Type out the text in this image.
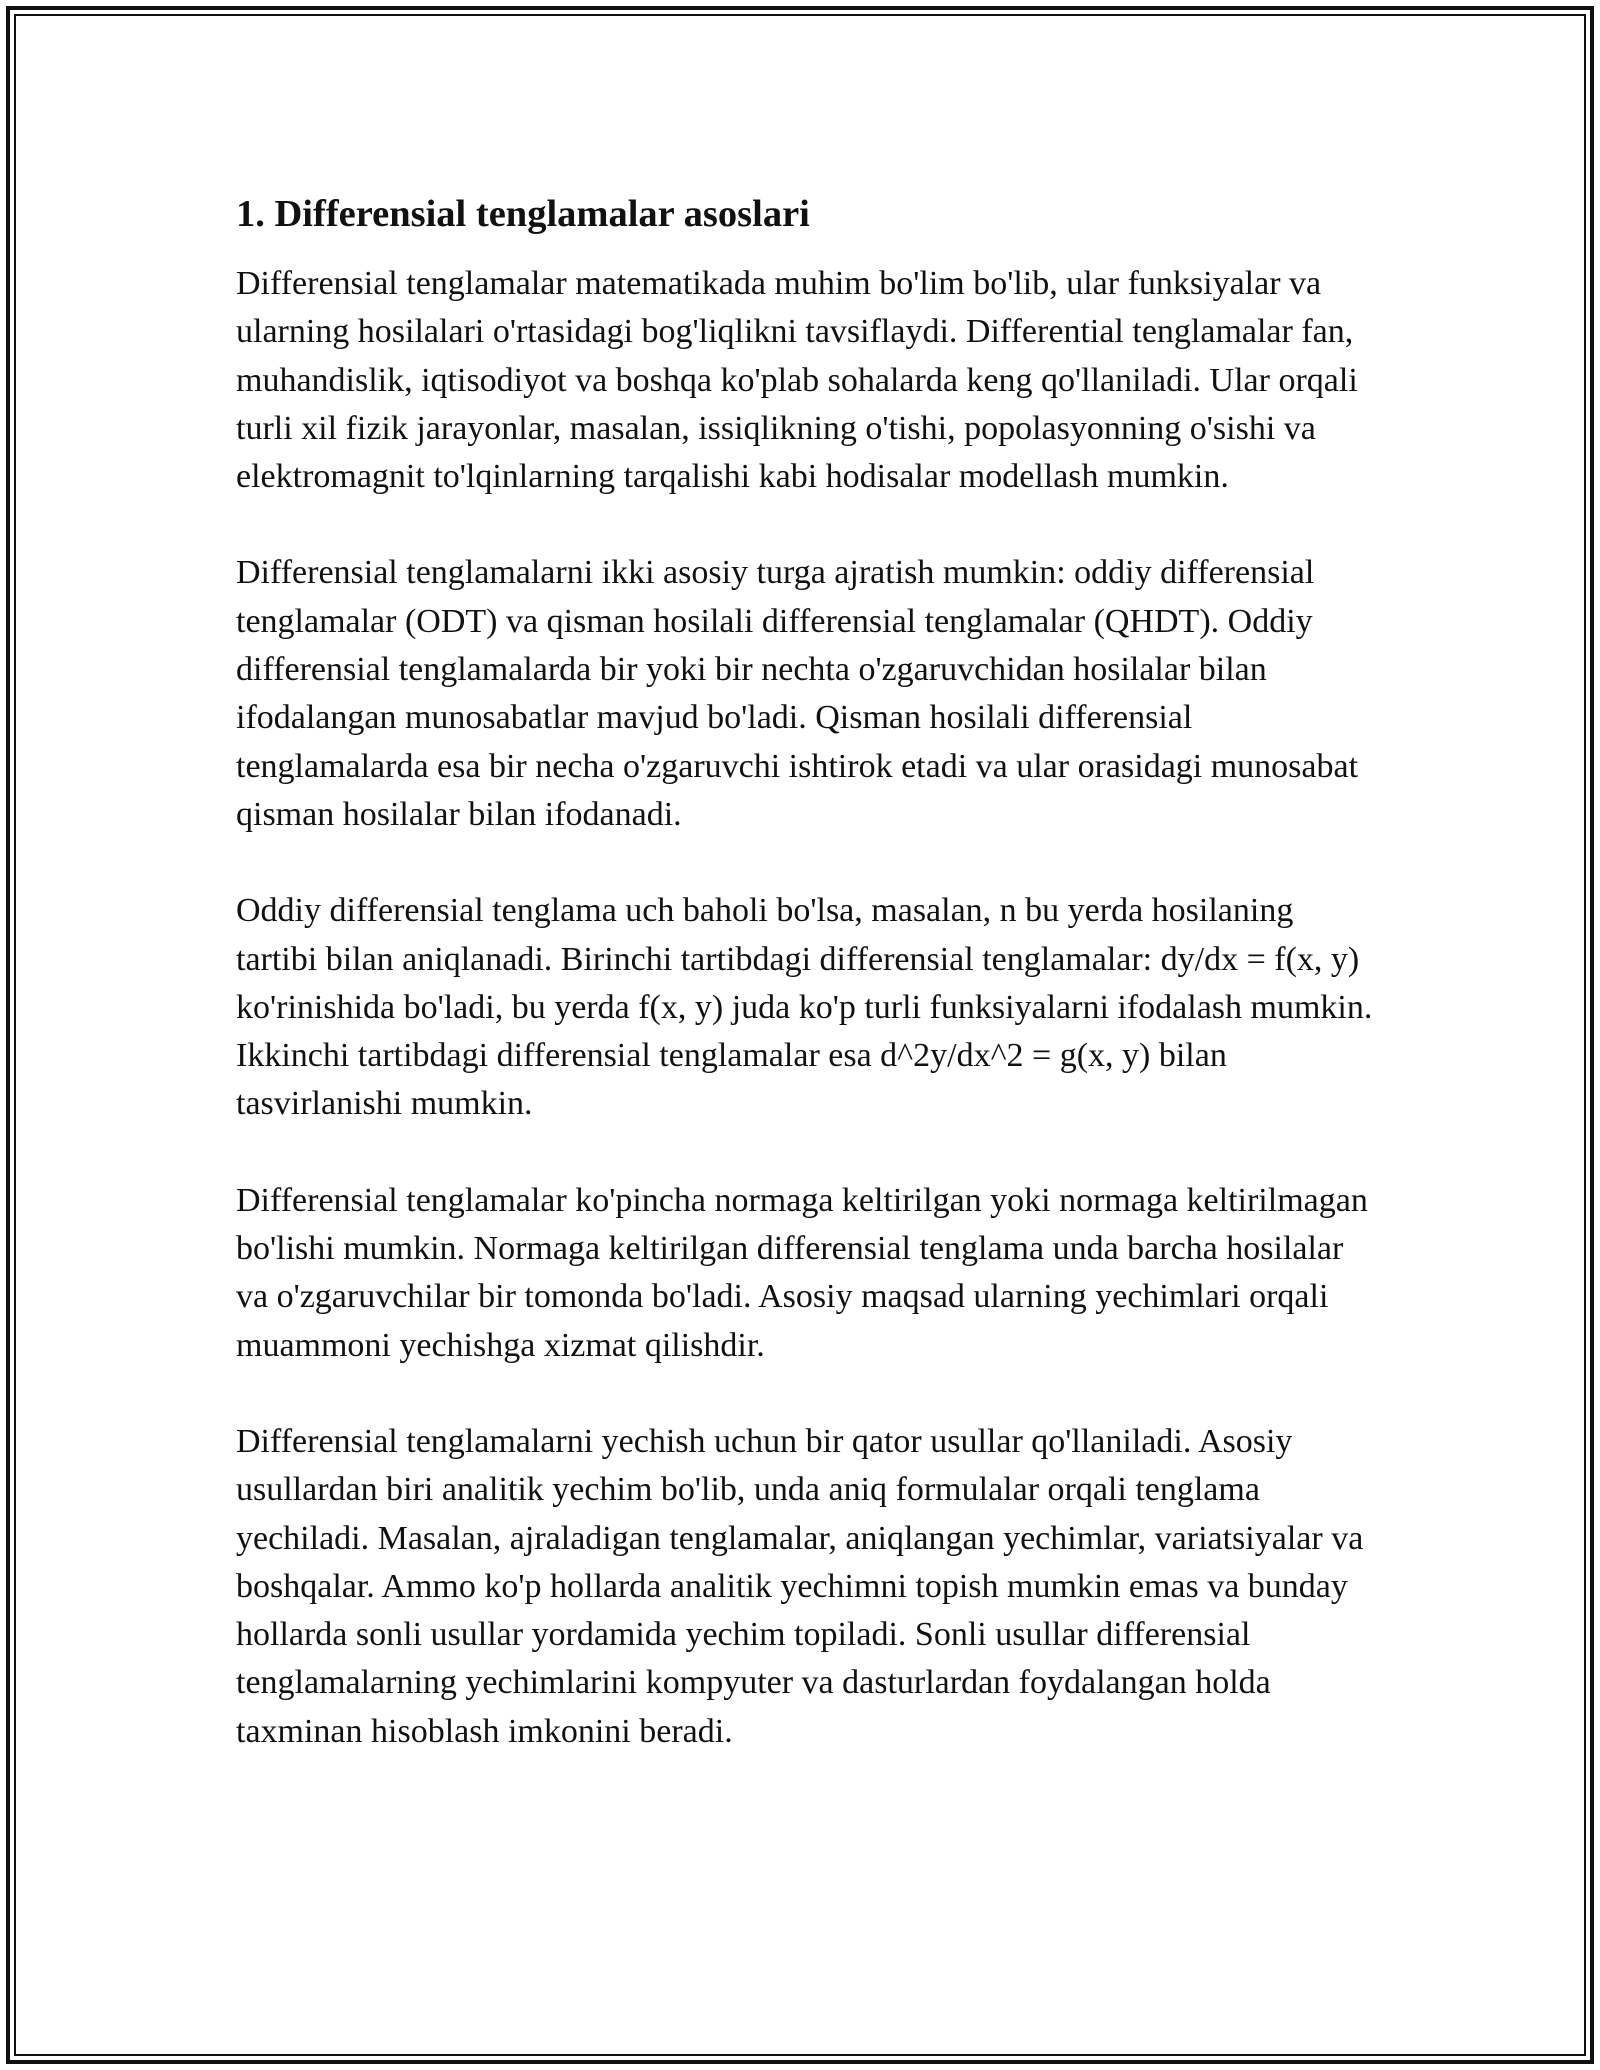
1. Differensial tenglamalar asoslari

Differensial tenglamalar matematikada muhim bo'lim bo'lib, ular funksiyalar va ularning hosilalari o'rtasidagi bog'liqlikni tavsiflaydi. Differential tenglamalar fan, muhandislik, iqtisodiyot va boshqa ko'plab sohalarda keng qo'llaniladi. Ular orqali turli xil fizik jarayonlar, masalan, issiqlikning o'tishi, popolasyonning o'sishi va elektromagnit to'lqinlarning tarqalishi kabi hodisalar modellash mumkin.

Differensial tenglamalarni ikki asosiy turga ajratish mumkin: oddiy differensial tenglamalar (ODT) va qisman hosilali differensial tenglamalar (QHDT). Oddiy differensial tenglamalarda bir yoki bir nechta o'zgaruvchidan hosilalar bilan ifodalangan munosabatlar mavjud bo'ladi. Qisman hosilali differensial tenglamalarda esa bir necha o'zgaruvchi ishtirok etadi va ular orasidagi munosabat qisman hosilalar bilan ifodanadi.

Oddiy differensial tenglama uch baholi bo'lsa, masalan, n bu yerda hosilaning tartibi bilan aniqlanadi. Birinchi tartibdagi differensial tenglamalar: dy/dx = f(x, y) ko'rinishida bo'ladi, bu yerda f(x, y) juda ko'p turli funksiyalarni ifodalash mumkin. Ikkinchi tartibdagi differensial tenglamalar esa d^2y/dx^2 = g(x, y) bilan tasvirlanishi mumkin.

Differensial tenglamalar ko'pincha normaga keltirilgan yoki normaga keltirilmagan bo'lishi mumkin. Normaga keltirilgan differensial tenglama unda barcha hosilalar va o'zgaruvchilar bir tomonda bo'ladi. Asosiy maqsad ularning yechimlari orqali muammoni yechishga xizmat qilishdir.

Differensial tenglamalarni yechish uchun bir qator usullar qo'llaniladi. Asosiy usullardan biri analitik yechim bo'lib, unda aniq formulalar orqali tenglama yechiladi. Masalan, ajraladigan tenglamalar, aniqlangan yechimlar, variatsiyalar va boshqalar. Ammo ko'p hollarda analitik yechimni topish mumkin emas va bunday hollarda sonli usullar yordamida yechim topiladi. Sonli usullar differensial tenglamalarning yechimlarini kompyuter va dasturlardan foydalangan holda taxminan hisoblash imkonini beradi.
